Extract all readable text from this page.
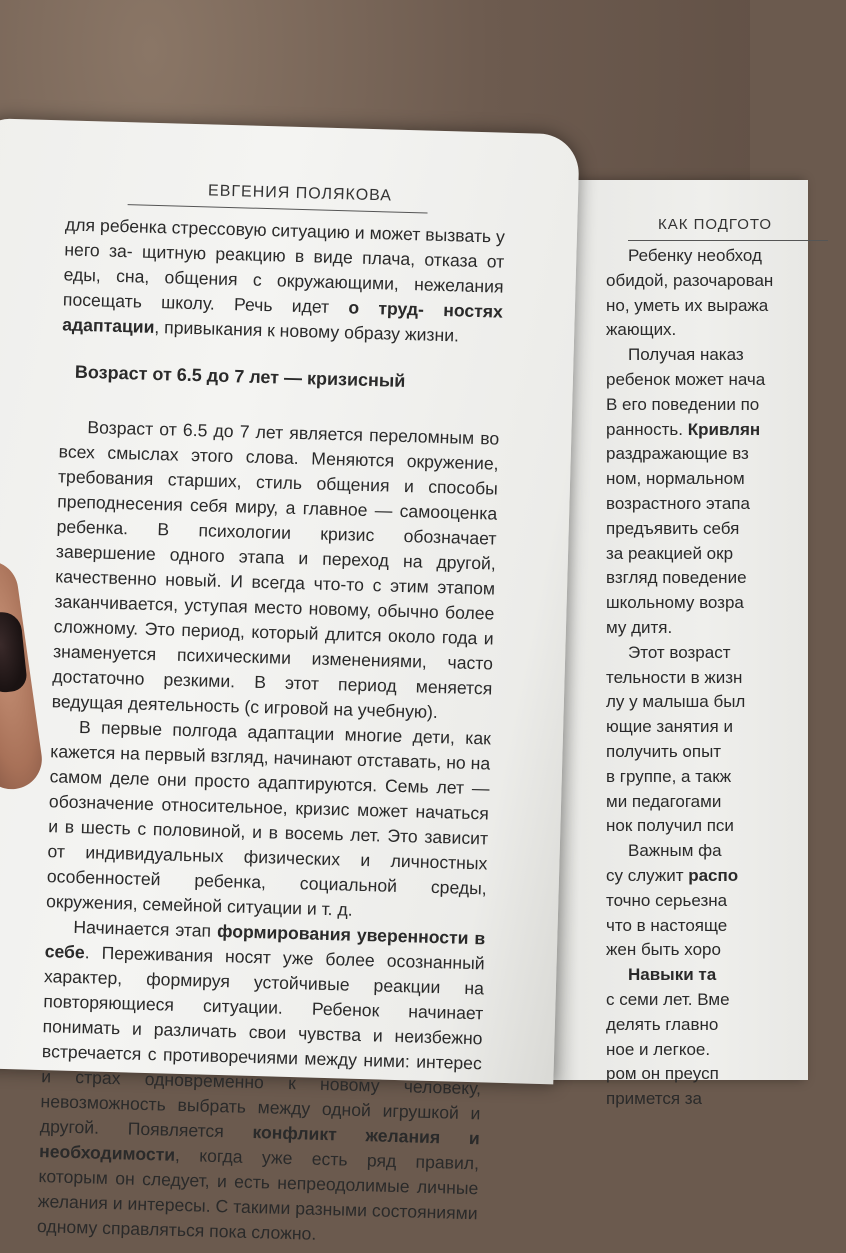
КАК ПОДГОТО
Ребенку необход
обидой, разочарован
но, уметь их выража
жающих.
Получая наказ
ребенок может нача
В его поведении по
ранность. Кривлян
раздражающие вз
ном, нормальном
возрастного этапа
предъявить себя
за реакцией окр
взгляд поведение
школьному возра
му дитя.
Этот возраст
тельности в жизн
лу у малыша был
ющие занятия и
получить опыт
в группе, а такж
ми педагогами
нок получил пси
Важным фа
су служит распо
точно серьезна
что в настояще
жен быть хоро
Навыки та
с семи лет. Вме
делять главно
ное и легкое.
ром он преусп
примется за
ЕВГЕНИЯ ПОЛЯКОВА

для ребенка стрессовую ситуацию и может вызвать у него за- щитную реакцию в виде плача, отказа от еды, сна, общения с окружающими, нежелания посещать школу. Речь идет о труд- ностях адаптации, привыкания к новому образу жизни.

Возраст от 6.5 до 7 лет — кризисный

Возраст от 6.5 до 7 лет является переломным во всех смыслах этого слова. Меняются окружение, требования старших, стиль общения и способы преподнесения себя миру, а главное — самооценка ребенка. В психологии кризис обозначает завершение одного этапа и переход на другой, качественно новый. И всегда что-то с этим этапом заканчивается, уступая место новому, обычно более сложному. Это период, который длится около года и знаменуется психическими изменениями, часто достаточно резкими. В этот период меняется ведущая деятельность (с игровой на учебную).

В первые полгода адаптации многие дети, как кажется на первый взгляд, начинают отставать, но на самом деле они просто адаптируются. Семь лет — обозначение относительное, кризис может начаться и в шесть с половиной, и в восемь лет. Это зависит от индивидуальных физических и личностных особенностей ребенка, социальной среды, окружения, семейной ситуации и т. д.

Начинается этап формирования уверенности в себе. Переживания носят уже более осознанный характер, формируя устойчивые реакции на повторяющиеся ситуации. Ребенок начинает понимать и различать свои чувства и неизбежно встречается с противоречиями между ними: интерес и страх одновременно к новому человеку, невозможность выбрать между одной игрушкой и другой. Появляется конфликт желания и необходимости, когда уже есть ряд правил, которым он следует, и есть непреодолимые личные желания и интересы. С такими разными состояниями одному справляться пока сложно.
